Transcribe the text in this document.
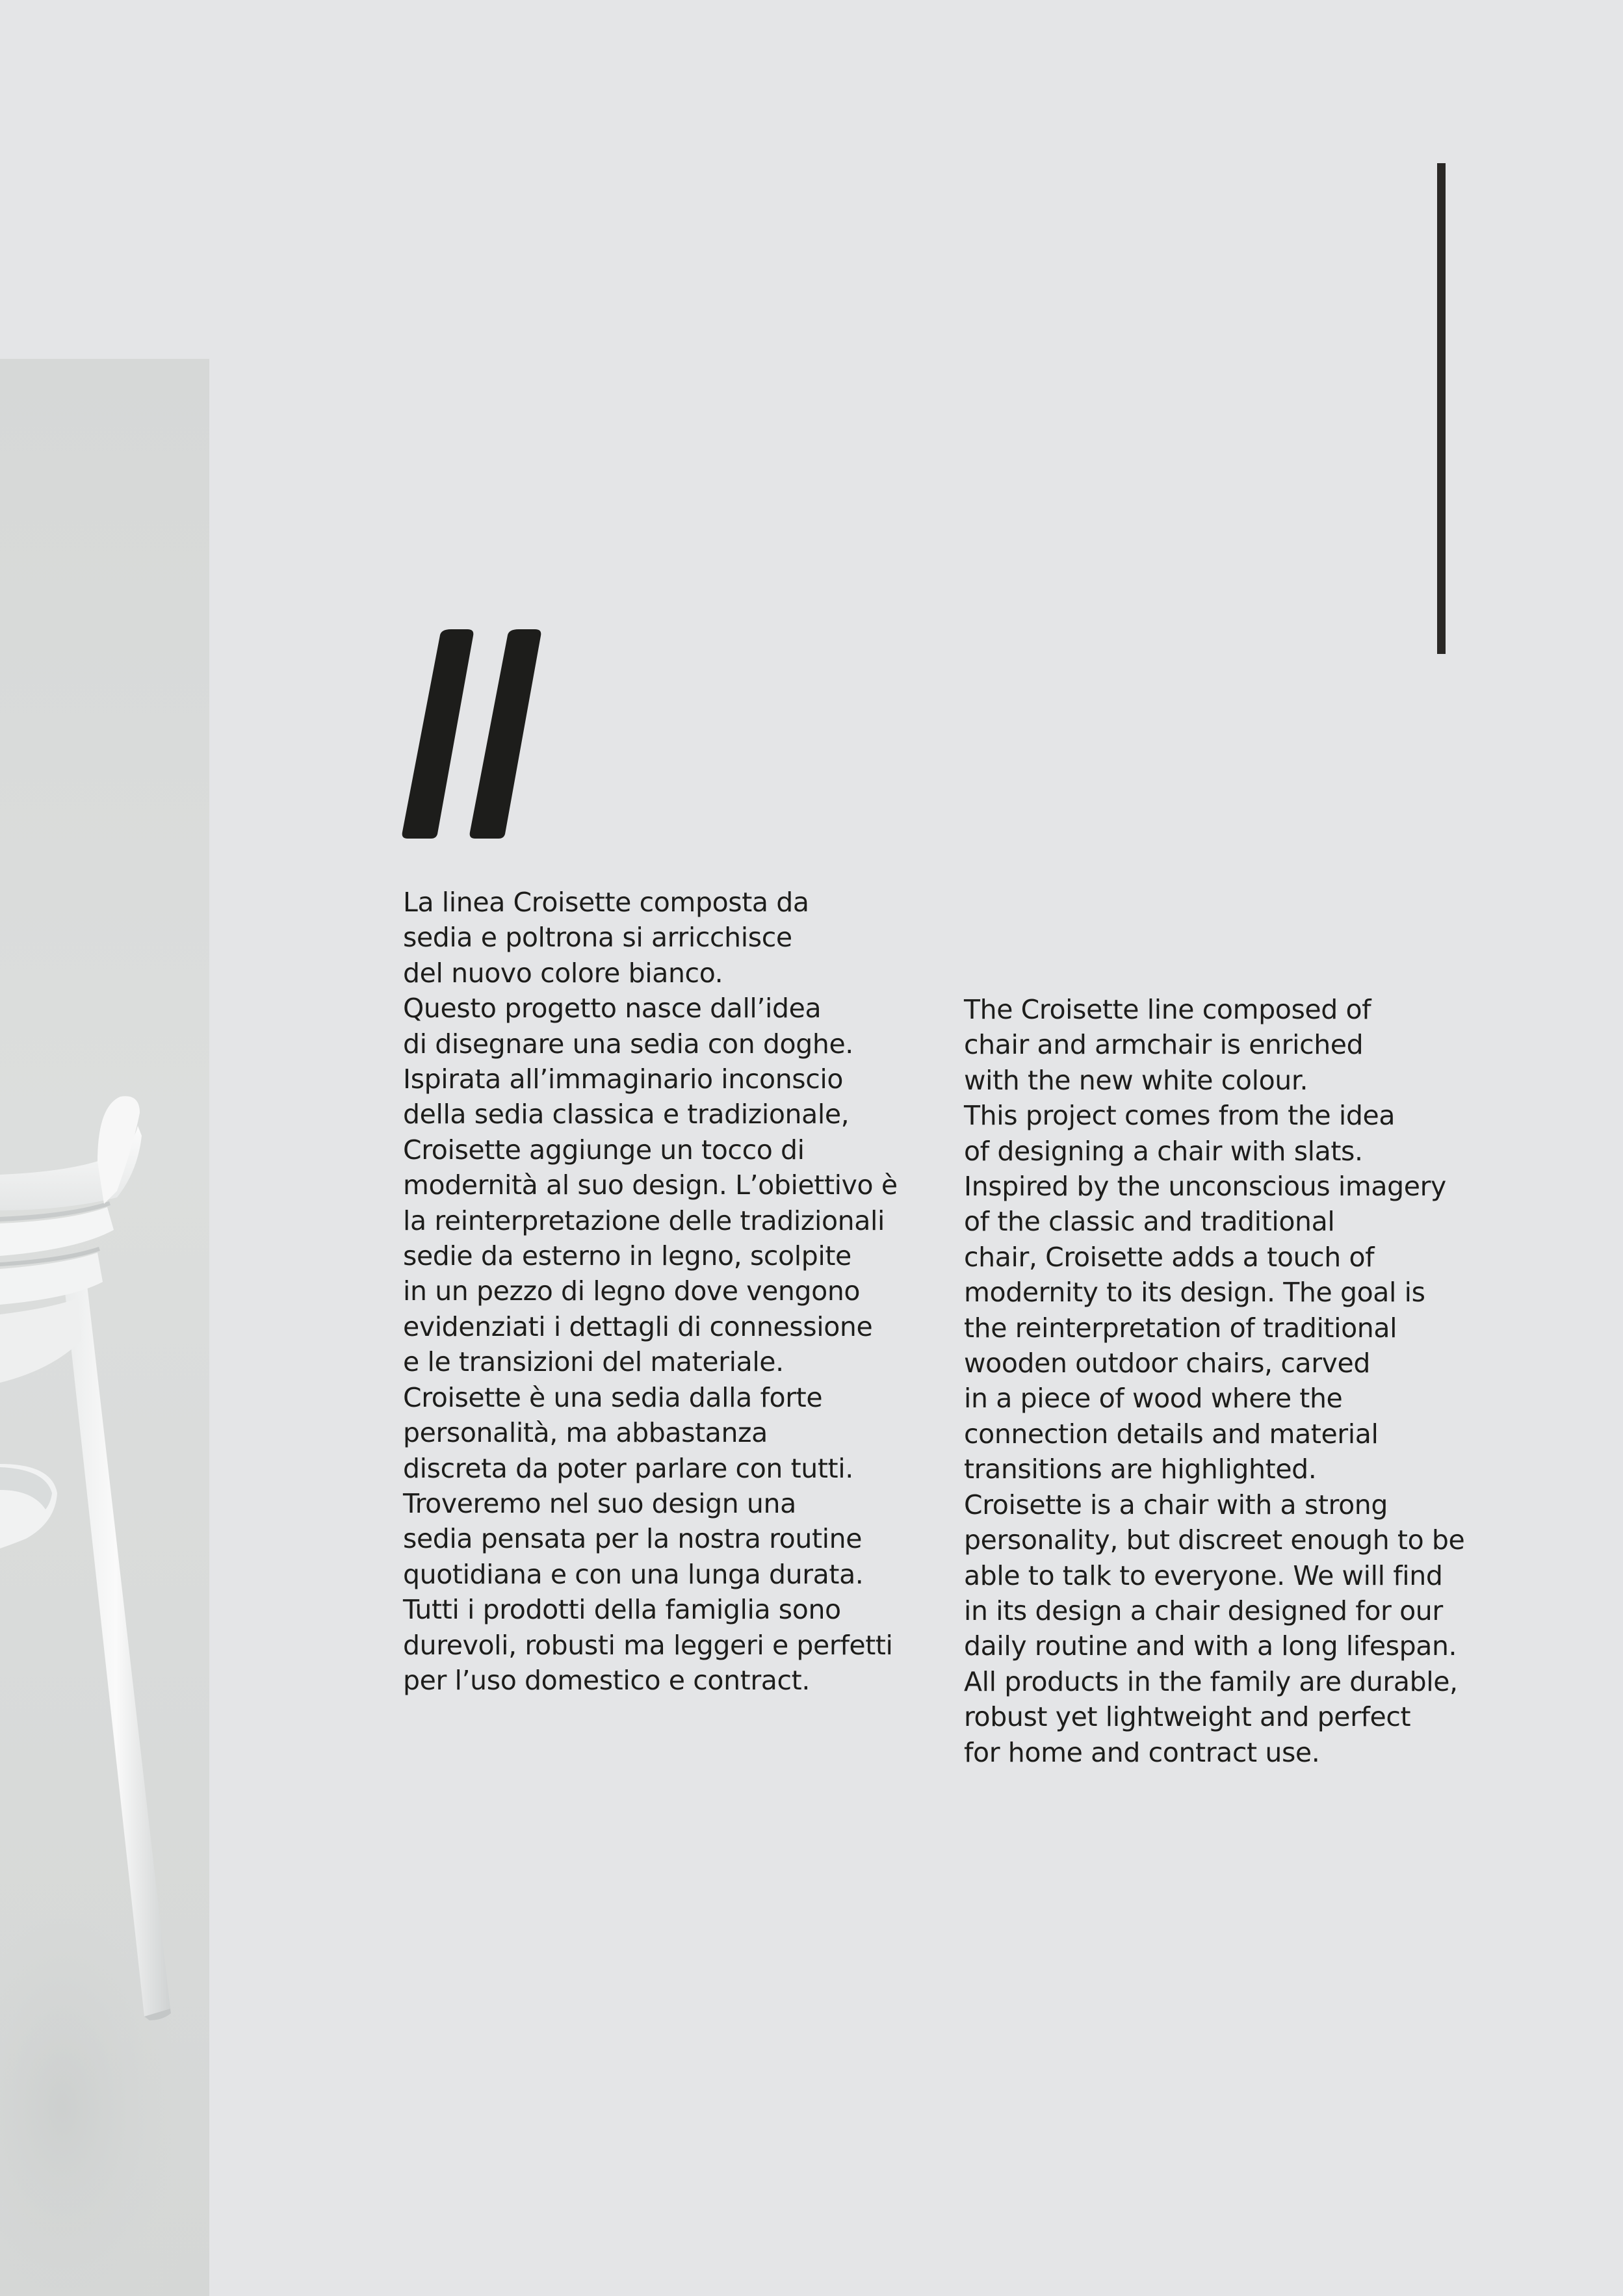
La linea Croisette composta da

sedia e poltrona si arricchisce

del nuovo colore bianco.

Questo progetto nasce dall’idea

di disegnare una sedia con doghe.

Ispirata all’immaginario inconscio

della sedia classica e tradizionale,

Croisette aggiunge un tocco di

modernità al suo design. L’obiettivo è

la reinterpretazione delle tradizionali

sedie da esterno in legno, scolpite

in un pezzo di legno dove vengono

evidenziati i dettagli di connessione

e le transizioni del materiale.

Croisette è una sedia dalla forte

personalità, ma abbastanza

discreta da poter parlare con tutti.

Troveremo nel suo design una

sedia pensata per la nostra routine

quotidiana e con una lunga durata.

Tutti i prodotti della famiglia sono

durevoli, robusti ma leggeri e perfetti

per l’uso domestico e contract.

The Croisette line composed of

chair and armchair is enriched

with the new white colour.

This project comes from the idea

of designing a chair with slats.

Inspired by the unconscious imagery

of the classic and traditional

chair, Croisette adds a touch of

modernity to its design. The goal is

the reinterpretation of traditional

wooden outdoor chairs, carved

in a piece of wood where the

connection details and material

transitions are highlighted.

Croisette is a chair with a strong

personality, but discreet enough to be

able to talk to everyone. We will find

in its design a chair designed for our

daily routine and with a long lifespan.

All products in the family are durable,

robust yet lightweight and perfect

for home and contract use.
